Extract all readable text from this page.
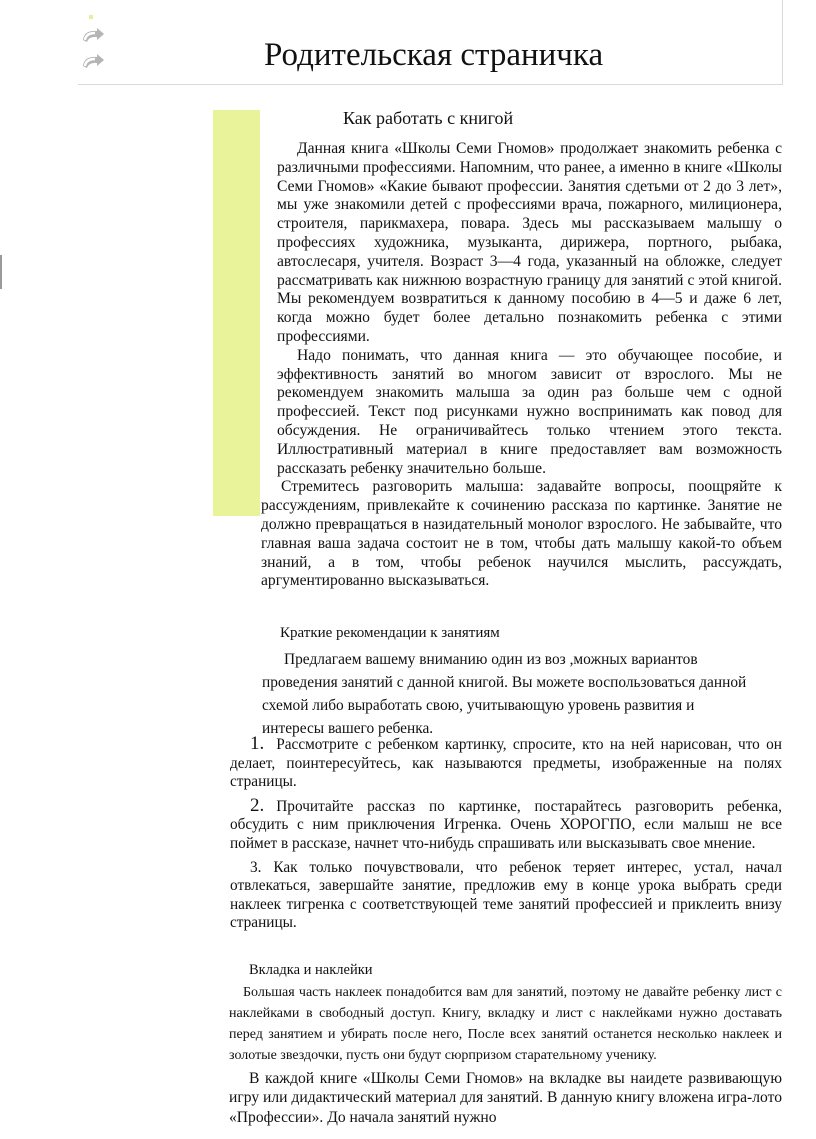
Родительская страничка
Как работать с книгой

Данная книга «Школы Семи Гномов» продолжает знакомить ребенка с различными профессиями. Напомним, что ранее, а именно в книге «Школы Семи Гномов» «Какие бывают профессии. Занятия сдетьми от 2 до 3 лет», мы уже знакомили детей с профессиями врача, пожарного, милиционера, строителя, парикмахера, повара. Здесь мы рассказываем малышу о профессиях художника, музыканта, дирижера, портного, рыбака, автослесаря, учителя. Возраст 3—4 года, указанный на обложке, следует рассматривать как нижнюю возрастную границу для занятий с этой книгой. Мы рекомендуем возвратиться к данному пособию в 4—5 и даже 6 лет, когда можно будет более детально познакомить ребенка с этими профессиями.

Надо понимать, что данная книга — это обучающее пособие, и эффективность занятий во многом зависит от взрослого. Мы не рекомендуем знакомить малыша за один раз больше чем с одной профессией. Текст под рисунками нужно воспринимать как повод для обсуждения. Не ограничивайтесь только чтением этого текста. Иллюстративный материал в книге предоставляет вам возможность рассказать ребенку значительно больше.

Стремитесь разговорить малыша: задавайте вопросы, поощряйте к рассуждениям, привлекайте к сочинению рассказа по картинке. Занятие не должно превращаться в назидательный монолог взрослого. Не забывайте, что главная ваша задача состоит не в том, чтобы дать малышу какой-то объем знаний, а в том, чтобы ребенок научился мыслить, рассуждать, аргументированно высказываться.

Краткие рекомендации к занятиям

Предлагаем вашему вниманию один из воз ,можных вариантов проведения занятий с данной книгой. Вы можете воспользоваться данной схемой либо выработать свою, учитывающую уровень развития и интересы вашего ребенка.

1. Рассмотрите с ребенком картинку, спросите, кто на ней нарисован, что он делает, поинтересуйтесь, как называются предметы, изображенные на полях страницы.

2. Прочитайте рассказ по картинке, постарайтесь разговорить ребенка, обсудить с ним приключения Игренка. Очень ХОРОГПО, если малыш не все поймет в рассказе, начнет что-нибудь спрашивать или высказывать свое мнение.

3. Как только почувствовали, что ребенок теряет интерес, устал, начал отвлекаться, завершайте занятие, предложив ему в конце урока выбрать среди наклеек тигренка с соответствующей теме занятий профессией и приклеить внизу страницы.

Вкладка и наклейки

Большая часть наклеек понадобится вам для занятий, поэтому не давайте ребенку лист с наклейками в свободный доступ. Книгу, вкладку и лист с наклейками нужно доставать перед занятием и убирать после него, После всех занятий останется несколько наклеек и золотые звездочки, пусть они будут сюрпризом старательному ученику.

В каждой книге «Школы Семи Гномов» на вкладке вы наидете развивающую игру или дидактический материал для занятий. В данную книгу вложена игра-лото «Профессии». До начала занятий нужно
